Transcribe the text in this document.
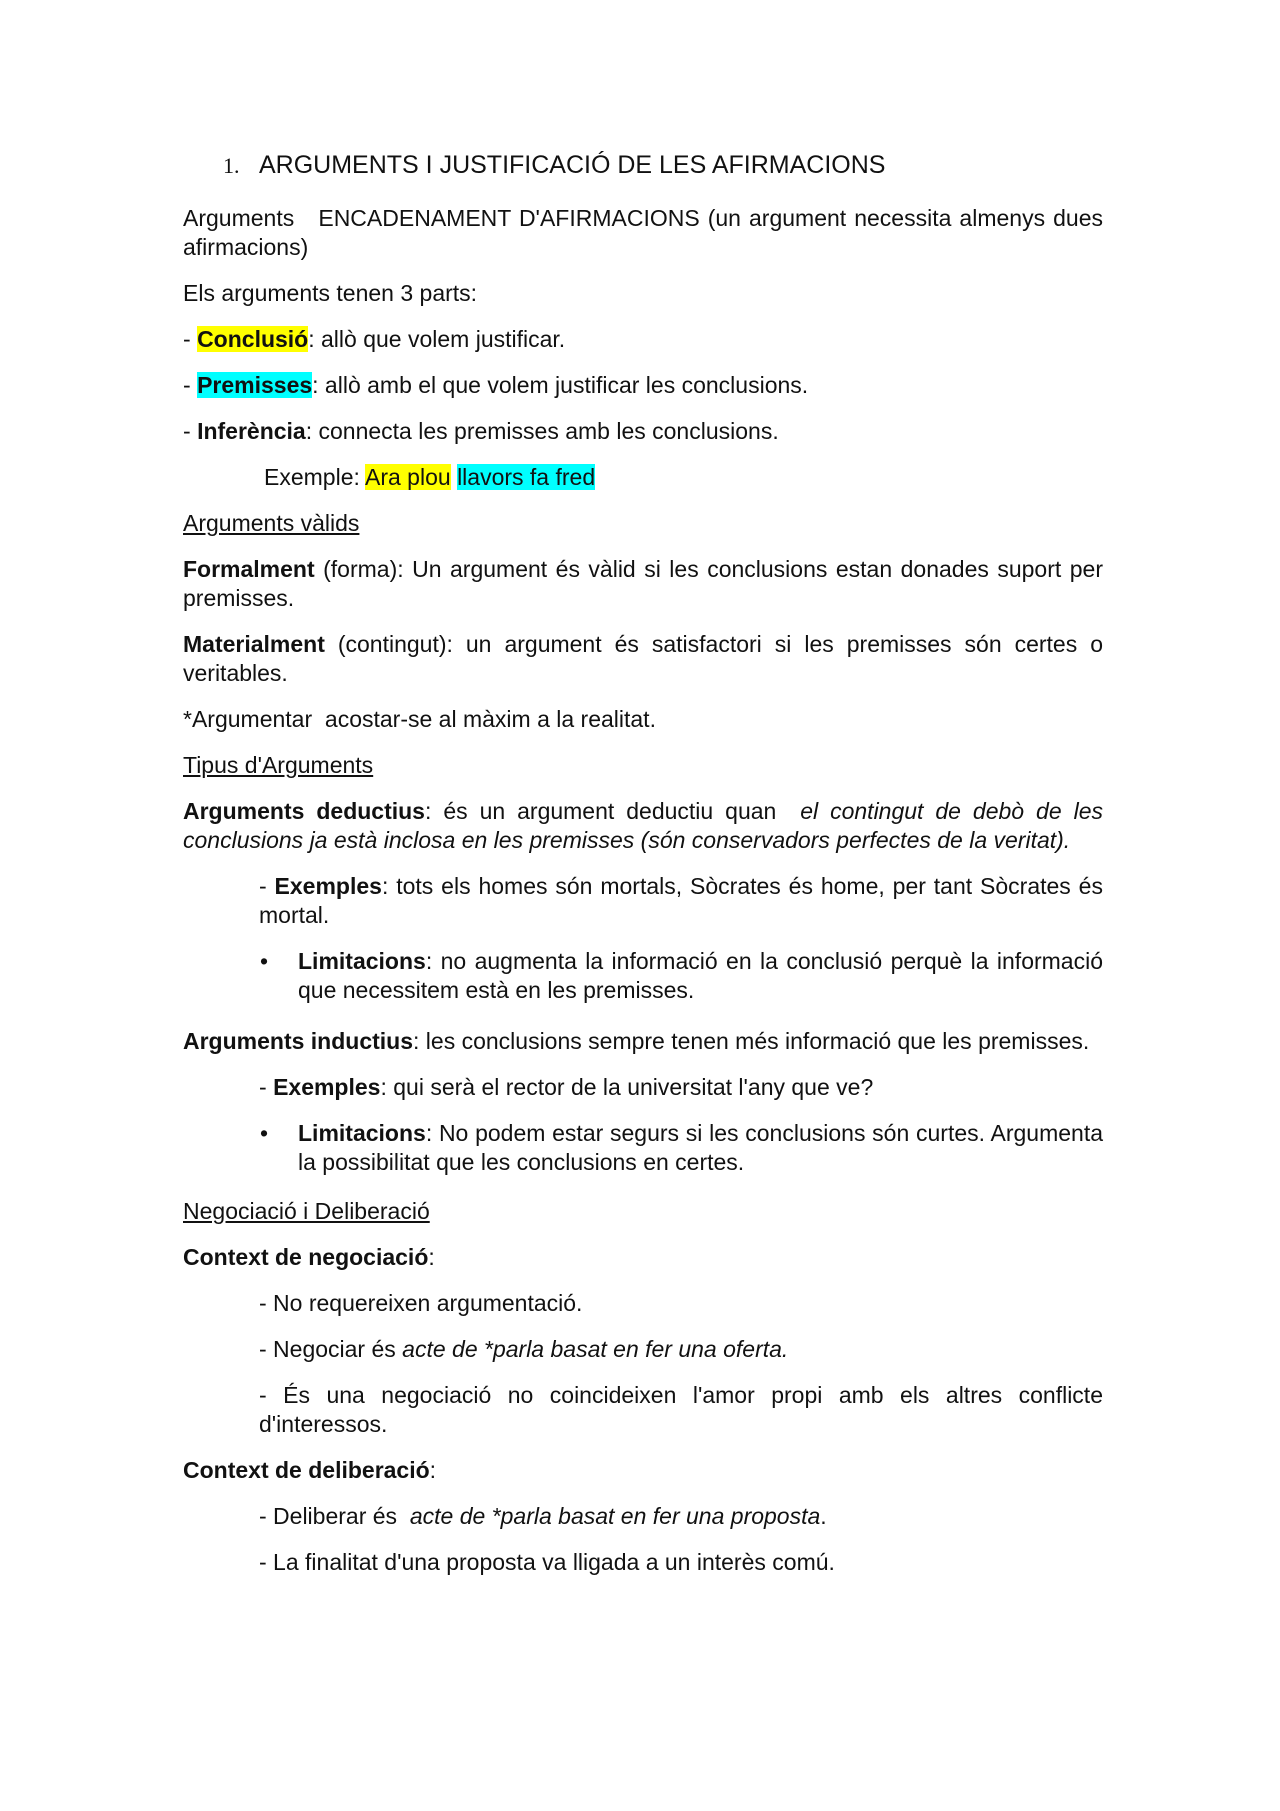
1. ARGUMENTS I JUSTIFICACIÓ DE LES AFIRMACIONS

Arguments ENCADENAMENT D'AFIRMACIONS (un argument necessita almenys dues afirmacions)

Els arguments tenen 3 parts:

- Conclusió: allò que volem justificar.

- Premisses: allò amb el que volem justificar les conclusions.

- Inferència: connecta les premisses amb les conclusions.

Exemple: Ara plou llavors fa fred

Arguments vàlids

Formalment (forma): Un argument és vàlid si les conclusions estan donades suport per premisses.

Materialment (contingut): un argument és satisfactori si les premisses són certes o veritables.

*Argumentar  acostar-se al màxim a la realitat.

Tipus d'Arguments

Arguments deductius: és un argument deductiu quan  el contingut de debò de les conclusions ja està inclosa en les premisses (són conservadors perfectes de la veritat).

- Exemples: tots els homes són mortals, Sòcrates és home, per tant Sòcrates és mortal.

• Limitacions: no augmenta la informació en la conclusió perquè la informació que necessitem està en les premisses.

Arguments inductius: les conclusions sempre tenen més informació que les premisses.

- Exemples: qui serà el rector de la universitat l'any que ve?

• Limitacions: No podem estar segurs si les conclusions són curtes. Argumenta la possibilitat que les conclusions en certes.

Negociació i Deliberació

Context de negociació:

- No requereixen argumentació.

- Negociar és acte de *parla basat en fer una oferta.

- És una negociació no coincideixen l'amor propi amb els altres conflicte d'interessos.

Context de deliberació:

- Deliberar és  acte de *parla basat en fer una proposta.

- La finalitat d'una proposta va lligada a un interès comú.
